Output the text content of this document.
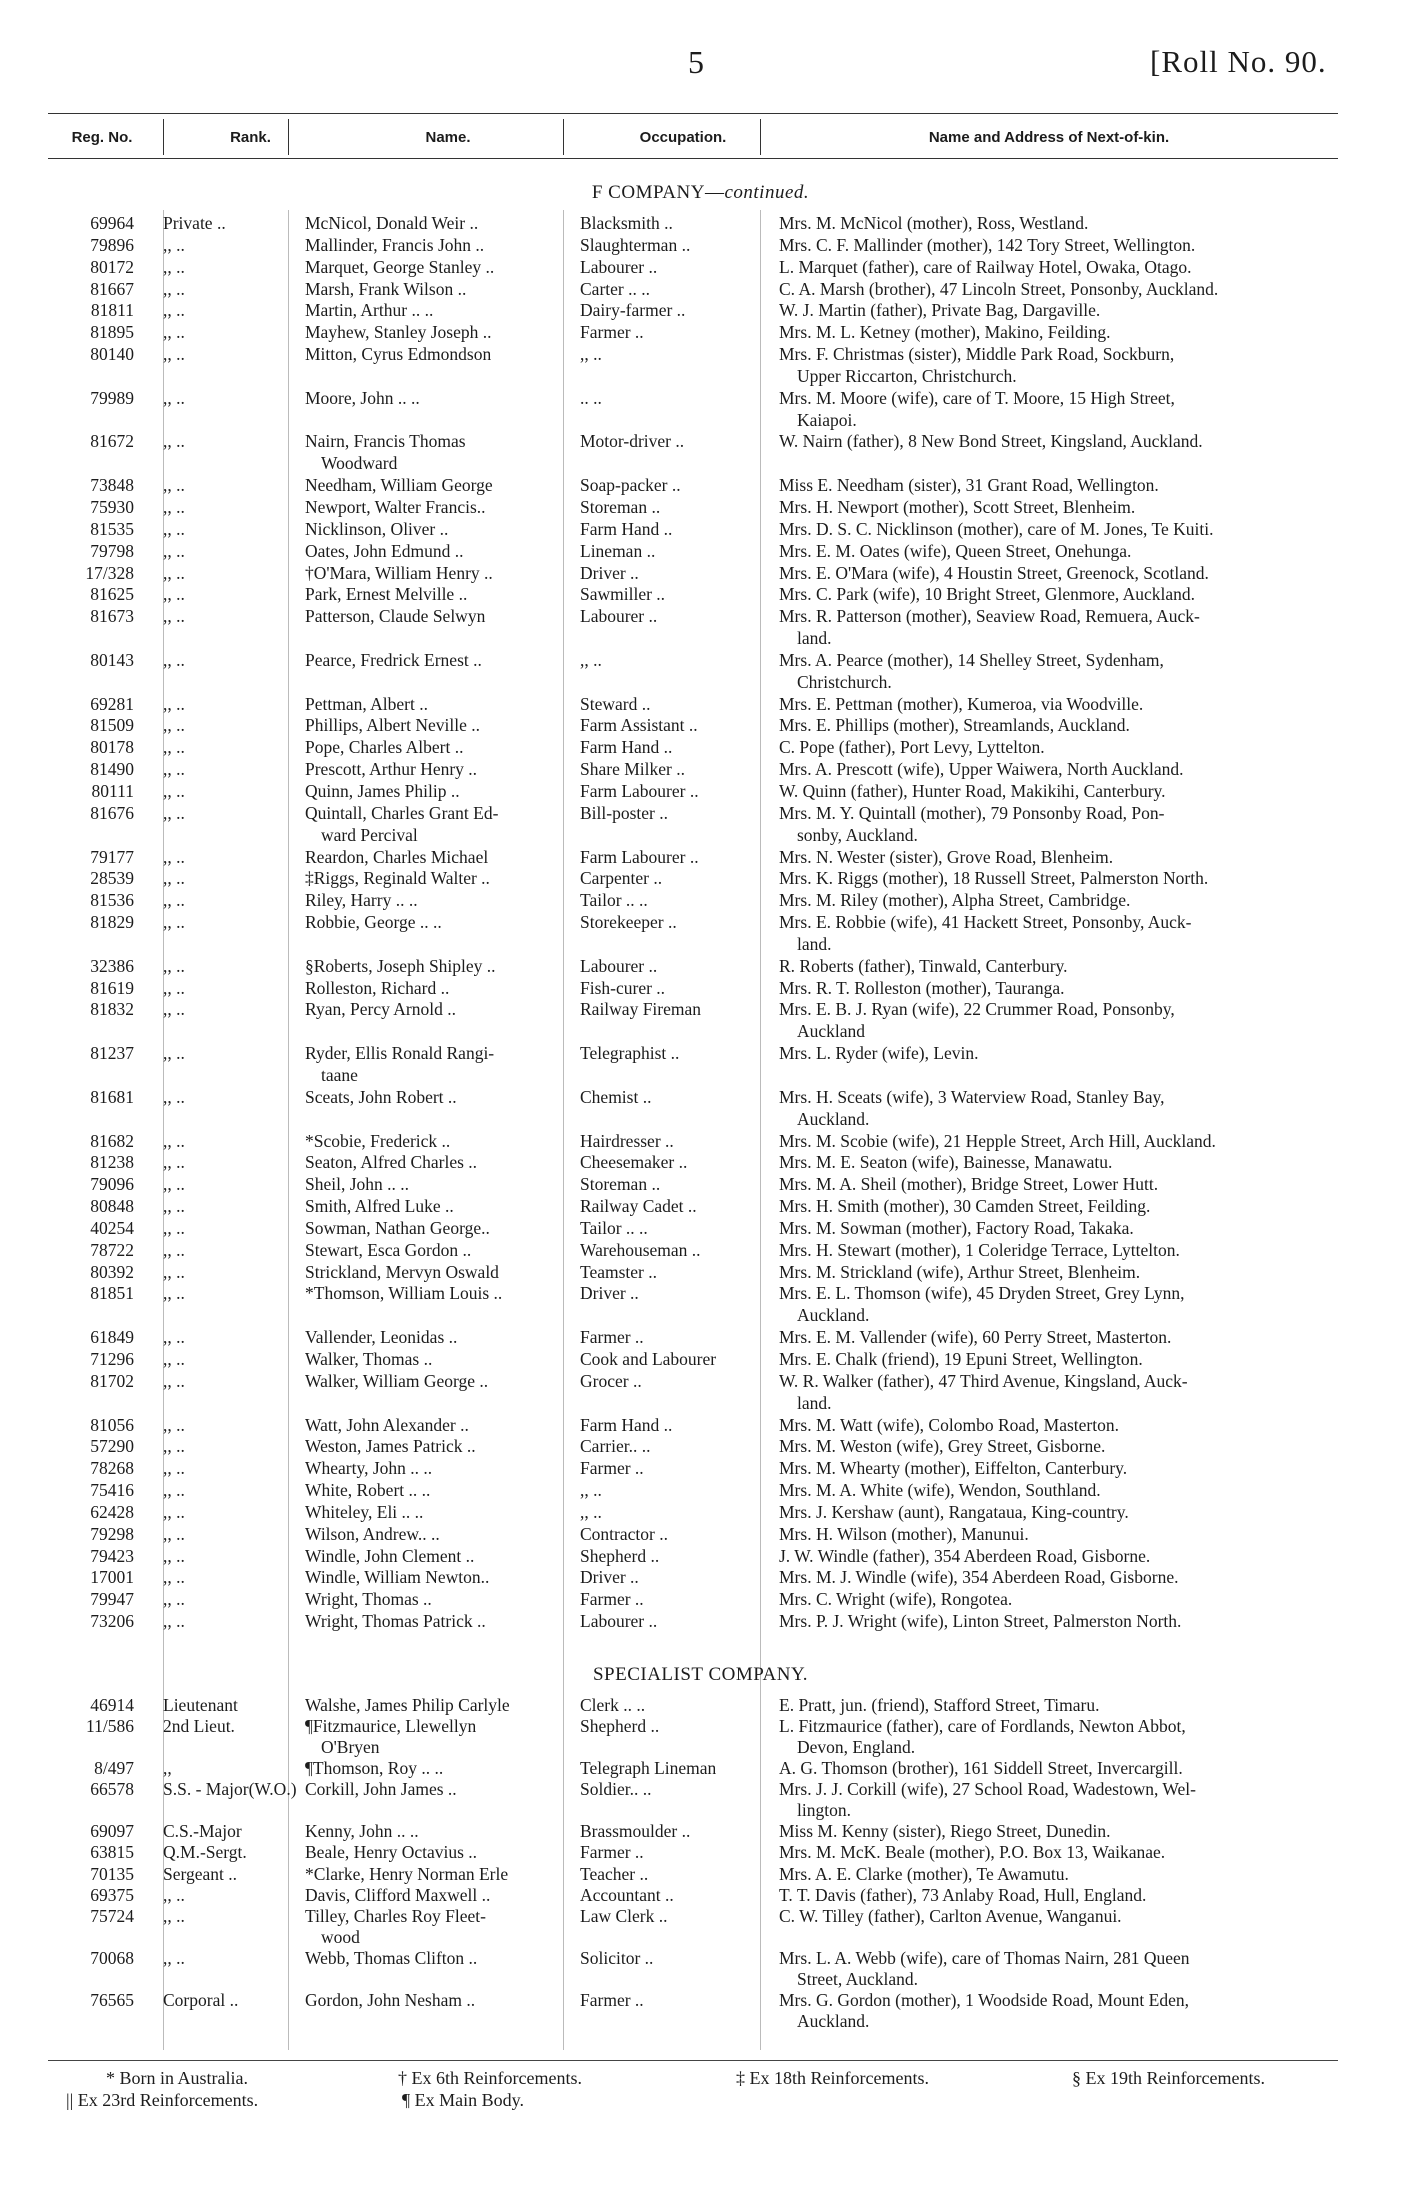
5	[Roll No. 90.
Reg. No.	Rank.	Name.	Occupation.	Name and Address of Next-of-kin.
F COMPANY—continued.
69964 Private ..	McNicol, Donald Weir ..	Blacksmith ..	Mrs. M. McNicol (mother), Ross, Westland.
79896 ,, ..	Mallinder, Francis John ..	Slaughterman ..	Mrs. C. F. Mallinder (mother), 142 Tory Street, Wellington.
80172 ,, ..	Marquet, George Stanley ..	Labourer ..	L. Marquet (father), care of Railway Hotel, Owaka, Otago.
81667 ,, ..	Marsh, Frank Wilson ..	Carter .. ..	C. A. Marsh (brother), 47 Lincoln Street, Ponsonby, Auckland.
81811 ,, ..	Martin, Arthur .. ..	Dairy-farmer ..	W. J. Martin (father), Private Bag, Dargaville.
81895 ,, ..	Mayhew, Stanley Joseph ..	Farmer ..	Mrs. M. L. Ketney (mother), Makino, Feilding.
80140 ,, ..	Mitton, Cyrus Edmondson	,, ..	Mrs. F. Christmas (sister), Middle Park Road, Sockburn,
Upper Riccarton, Christchurch.
79989 ,, ..	Moore, John .. ..	.. ..	Mrs. M. Moore (wife), care of T. Moore, 15 High Street,
Kaiapoi.
81672 ,, ..	Nairn, Francis Thomas
Woodward
Motor-driver ..	W. Nairn (father), 8 New Bond Street, Kingsland, Auckland.
73848 ,, ..	Needham, William George	Soap-packer ..	Miss E. Needham (sister), 31 Grant Road, Wellington.
75930 ,, ..	Newport, Walter Francis..	Storeman ..	Mrs. H. Newport (mother), Scott Street, Blenheim.
81535 ,, ..	Nicklinson, Oliver ..	Farm Hand ..	Mrs. D. S. C. Nicklinson (mother), care of M. Jones, Te Kuiti.
79798 ,, ..	Oates, John Edmund ..	Lineman ..	Mrs. E. M. Oates (wife), Queen Street, Onehunga.
17/328 ,, ..	†O'Mara, William Henry ..	Driver ..	Mrs. E. O'Mara (wife), 4 Houstin Street, Greenock, Scotland.
81625 ,, ..	Park, Ernest Melville ..	Sawmiller ..	Mrs. C. Park (wife), 10 Bright Street, Glenmore, Auckland.
81673 ,, ..	Patterson, Claude Selwyn	Labourer ..	Mrs. R. Patterson (mother), Seaview Road, Remuera, Auck-
land.
80143 ,, ..	Pearce, Fredrick Ernest ..	,, ..	Mrs. A. Pearce (mother), 14 Shelley Street, Sydenham,
Christchurch.
69281 ,, ..	Pettman, Albert ..	Steward ..	Mrs. E. Pettman (mother), Kumeroa, via Woodville.
81509 ,, ..	Phillips, Albert Neville ..	Farm Assistant ..	Mrs. E. Phillips (mother), Streamlands, Auckland.
80178 ,, ..	Pope, Charles Albert ..	Farm Hand ..	C. Pope (father), Port Levy, Lyttelton.
81490 ,, ..	Prescott, Arthur Henry ..	Share Milker ..	Mrs. A. Prescott (wife), Upper Waiwera, North Auckland.
80111 ,, ..	Quinn, James Philip ..	Farm Labourer ..	W. Quinn (father), Hunter Road, Makikihi, Canterbury.
81676 ,, ..	Quintall, Charles Grant Ed-
ward Percival
Bill-poster ..	Mrs. M. Y. Quintall (mother), 79 Ponsonby Road, Pon-
sonby, Auckland.
79177 ,, ..	Reardon, Charles Michael	Farm Labourer ..	Mrs. N. Wester (sister), Grove Road, Blenheim.
28539 ,, ..	‡Riggs, Reginald Walter ..	Carpenter ..	Mrs. K. Riggs (mother), 18 Russell Street, Palmerston North.
81536 ,, ..	Riley, Harry .. ..	Tailor .. ..	Mrs. M. Riley (mother), Alpha Street, Cambridge.
81829 ,, ..	Robbie, George .. ..	Storekeeper ..	Mrs. E. Robbie (wife), 41 Hackett Street, Ponsonby, Auck-
land.
32386 ,, ..	§Roberts, Joseph Shipley ..	Labourer ..	R. Roberts (father), Tinwald, Canterbury.
81619 ,, ..	Rolleston, Richard ..	Fish-curer ..	Mrs. R. T. Rolleston (mother), Tauranga.
81832 ,, ..	Ryan, Percy Arnold ..	Railway Fireman	Mrs. E. B. J. Ryan (wife), 22 Crummer Road, Ponsonby,
Auckland
81237 ,, ..	Ryder, Ellis Ronald Rangi-
taane
Telegraphist ..	Mrs. L. Ryder (wife), Levin.
81681 ,, ..	Sceats, John Robert ..	Chemist ..	Mrs. H. Sceats (wife), 3 Waterview Road, Stanley Bay,
Auckland.
81682 ,, ..	*Scobie, Frederick ..	Hairdresser ..	Mrs. M. Scobie (wife), 21 Hepple Street, Arch Hill, Auckland.
81238 ,, ..	Seaton, Alfred Charles ..	Cheesemaker ..	Mrs. M. E. Seaton (wife), Bainesse, Manawatu.
79096 ,, ..	Sheil, John .. ..	Storeman ..	Mrs. M. A. Sheil (mother), Bridge Street, Lower Hutt.
80848 ,, ..	Smith, Alfred Luke ..	Railway Cadet ..	Mrs. H. Smith (mother), 30 Camden Street, Feilding.
40254 ,, ..	Sowman, Nathan George..	Tailor .. ..	Mrs. M. Sowman (mother), Factory Road, Takaka.
78722 ,, ..	Stewart, Esca Gordon ..	Warehouseman ..	Mrs. H. Stewart (mother), 1 Coleridge Terrace, Lyttelton.
80392 ,, ..	Strickland, Mervyn Oswald	Teamster ..	Mrs. M. Strickland (wife), Arthur Street, Blenheim.
81851 ,, ..	*Thomson, William Louis ..	Driver ..	Mrs. E. L. Thomson (wife), 45 Dryden Street, Grey Lynn,
Auckland.
61849 ,, ..	Vallender, Leonidas ..	Farmer ..	Mrs. E. M. Vallender (wife), 60 Perry Street, Masterton.
71296 ,, ..	Walker, Thomas ..	Cook and Labourer	Mrs. E. Chalk (friend), 19 Epuni Street, Wellington.
81702 ,, ..	Walker, William George ..	Grocer ..	W. R. Walker (father), 47 Third Avenue, Kingsland, Auck-
land.
81056 ,, ..	Watt, John Alexander ..	Farm Hand ..	Mrs. M. Watt (wife), Colombo Road, Masterton.
57290 ,, ..	Weston, James Patrick ..	Carrier.. ..	Mrs. M. Weston (wife), Grey Street, Gisborne.
78268 ,, ..	Whearty, John .. ..	Farmer ..	Mrs. M. Whearty (mother), Eiffelton, Canterbury.
75416 ,, ..	White, Robert .. ..	,, ..	Mrs. M. A. White (wife), Wendon, Southland.
62428 ,, ..	Whiteley, Eli .. ..	,, ..	Mrs. J. Kershaw (aunt), Rangataua, King-country.
79298 ,, ..	Wilson, Andrew.. ..	Contractor ..	Mrs. H. Wilson (mother), Manunui.
79423 ,, ..	Windle, John Clement ..	Shepherd ..	J. W. Windle (father), 354 Aberdeen Road, Gisborne.
17001 ,, ..	Windle, William Newton..	Driver ..	Mrs. M. J. Windle (wife), 354 Aberdeen Road, Gisborne.
79947 ,, ..	Wright, Thomas ..	Farmer ..	Mrs. C. Wright (wife), Rongotea.
73206 ,, ..	Wright, Thomas Patrick ..	Labourer ..	Mrs. P. J. Wright (wife), Linton Street, Palmerston North.
SPECIALIST COMPANY.
46914 Lieutenant	Walshe, James Philip Carlyle	Clerk .. ..	E. Pratt, jun. (friend), Stafford Street, Timaru.
11/586 2nd Lieut.	¶Fitzmaurice, Llewellyn
O'Bryen
Shepherd ..	L. Fitzmaurice (father), care of Fordlands, Newton Abbot,
Devon, England.
8/497 ,,	¶Thomson, Roy .. ..	Telegraph Lineman	A. G. Thomson (brother), 161 Siddell Street, Invercargill.
66578 S.S. - Major(W.O.) Corkill, John James ..	Soldier.. ..	Mrs. J. J. Corkill (wife), 27 School Road, Wadestown, Wel-
lington.
69097 C.S.-Major	Kenny, John .. ..	Brassmoulder ..	Miss M. Kenny (sister), Riego Street, Dunedin.
63815 Q.M.-Sergt.	Beale, Henry Octavius ..	Farmer ..	Mrs. M. McK. Beale (mother), P.O. Box 13, Waikanae.
70135 Sergeant ..	*Clarke, Henry Norman Erle	Teacher ..	Mrs. A. E. Clarke (mother), Te Awamutu.
69375 ,, ..	Davis, Clifford Maxwell ..	Accountant ..	T. T. Davis (father), 73 Anlaby Road, Hull, England.
75724 ,, ..	Tilley, Charles Roy Fleet-
wood
Law Clerk ..	C. W. Tilley (father), Carlton Avenue, Wanganui.
70068 ,, ..	Webb, Thomas Clifton ..	Solicitor ..	Mrs. L. A. Webb (wife), care of Thomas Nairn, 281 Queen
Street, Auckland.
76565 Corporal ..	Gordon, John Nesham ..	Farmer ..	Mrs. G. Gordon (mother), 1 Woodside Road, Mount Eden,
Auckland.
* Born in Australia.	† Ex 6th Reinforcements.	‡ Ex 18th Reinforcements.	§ Ex 19th Reinforcements.
|| Ex 23rd Reinforcements.	¶ Ex Main Body.
